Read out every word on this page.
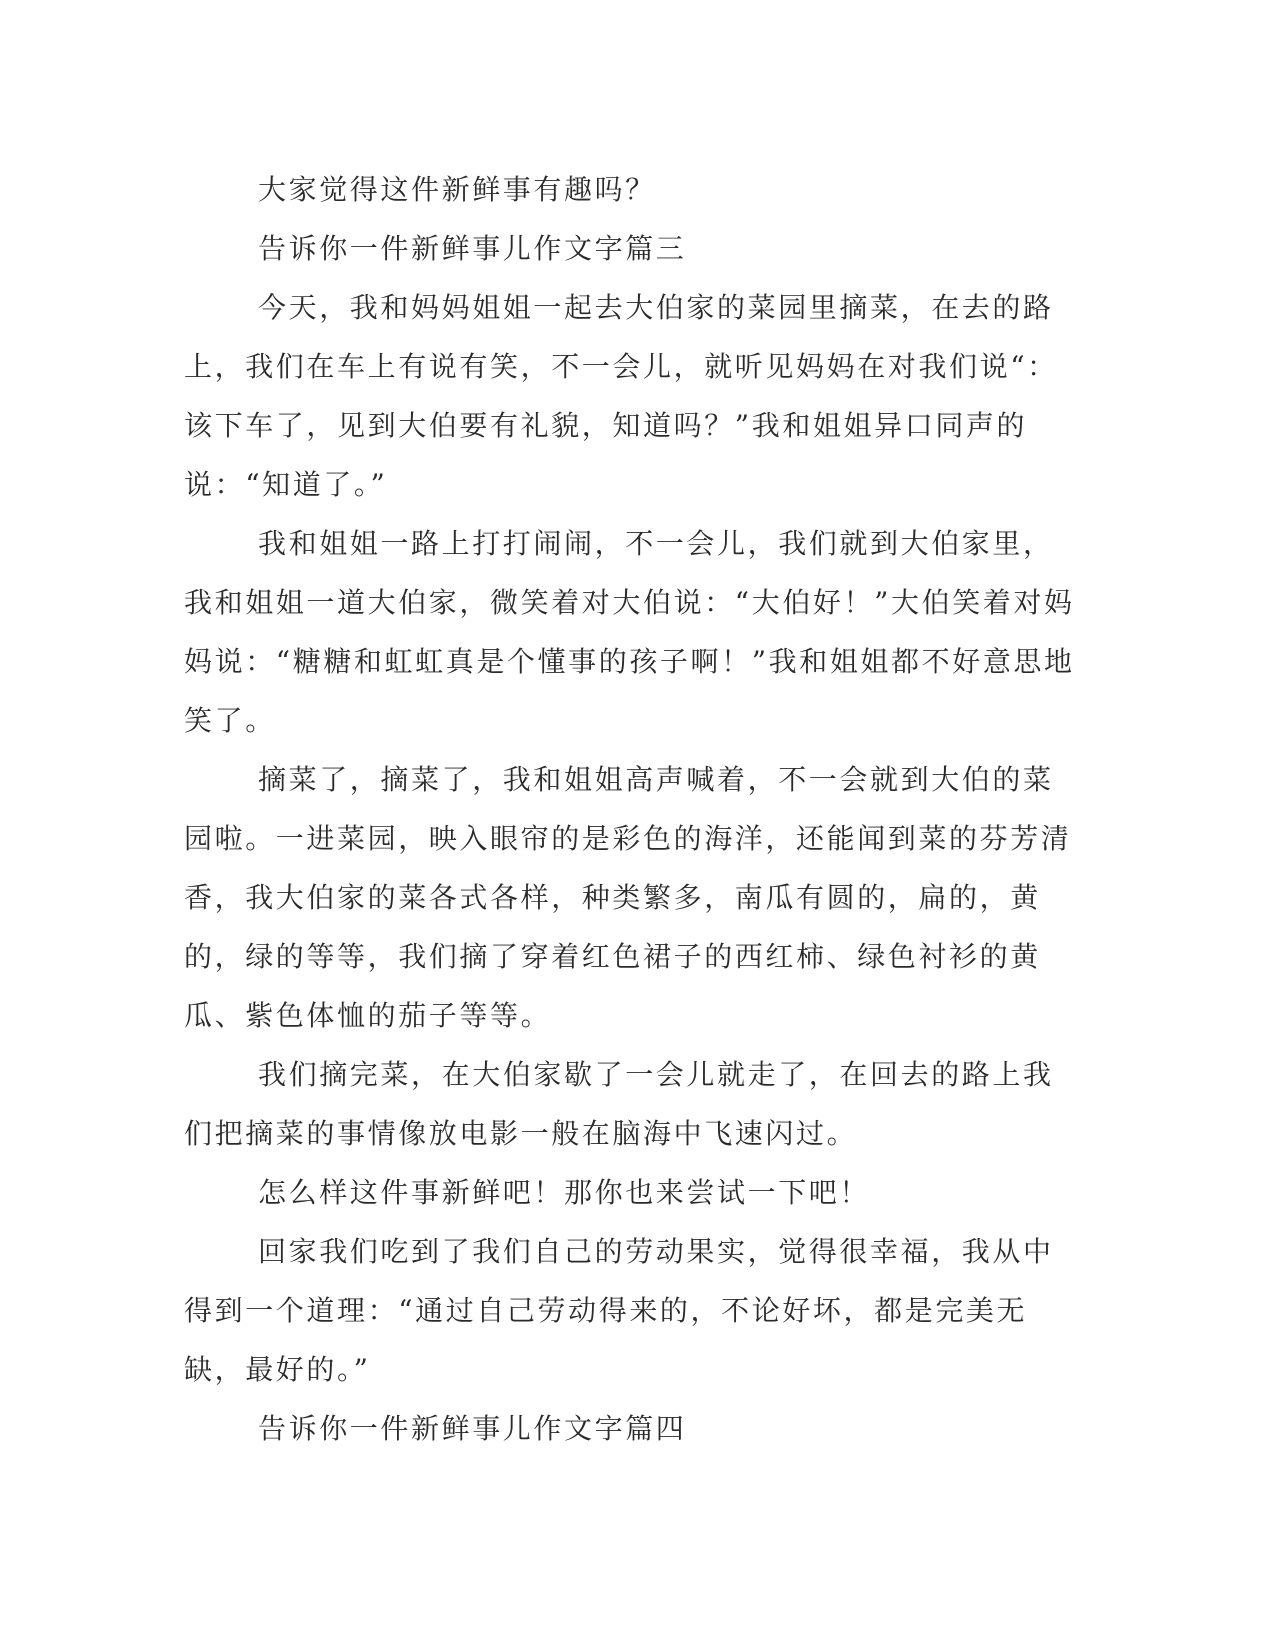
大家觉得这件新鲜事有趣吗？

告诉你一件新鲜事儿作文字篇三

今天，我和妈妈姐姐一起去大伯家的菜园里摘菜，在去的路上，我们在车上有说有笑，不一会儿，就听见妈妈在对我们说“：该下车了，见到大伯要有礼貌，知道吗？”我和姐姐异口同声的说：“知道了。”

我和姐姐一路上打打闹闹，不一会儿，我们就到大伯家里，我和姐姐一道大伯家，微笑着对大伯说：“大伯好！”大伯笑着对妈妈说：“糖糖和虹虹真是个懂事的孩子啊！”我和姐姐都不好意思地笑了。

摘菜了，摘菜了，我和姐姐高声喊着，不一会就到大伯的菜园啦。一进菜园，映入眼帘的是彩色的海洋，还能闻到菜的芬芳清香，我大伯家的菜各式各样，种类繁多，南瓜有圆的，扁的，黄的，绿的等等，我们摘了穿着红色裙子的西红柿、绿色衬衫的黄瓜、紫色体恤的茄子等等。

我们摘完菜，在大伯家歇了一会儿就走了，在回去的路上我们把摘菜的事情像放电影一般在脑海中飞速闪过。

怎么样这件事新鲜吧！那你也来尝试一下吧！

回家我们吃到了我们自己的劳动果实，觉得很幸福，我从中得到一个道理：“通过自己劳动得来的，不论好坏，都是完美无缺，最好的。”

告诉你一件新鲜事儿作文字篇四
